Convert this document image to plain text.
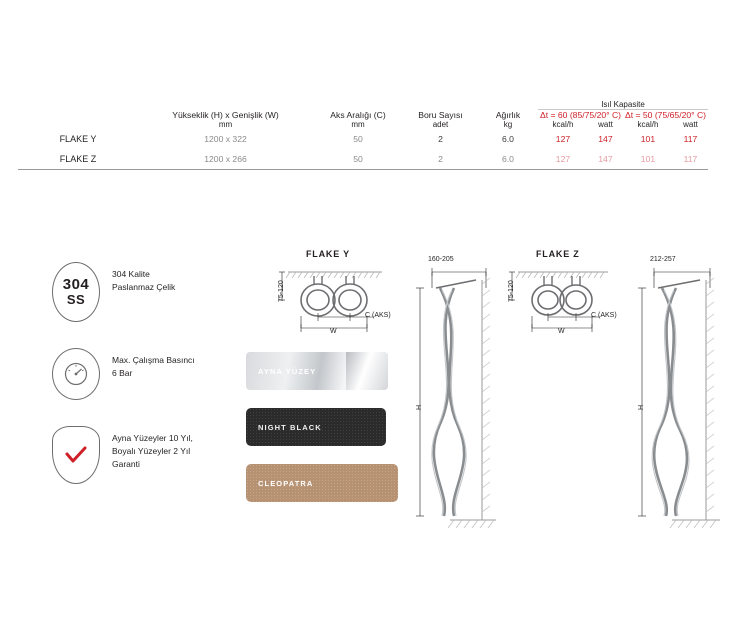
					Isıl Kapasite			
	Yükseklik (H) x Genişlik (W)	Aks Aralığı (C)	Boru Sayısı	Ağırlık	Δt = 60 (85/75/20° C)		Δt = 50 (75/65/20° C)	
	mm	mm	adet	kg	kcal/h	watt	kcal/h	watt
FLAKE Y	1200 x 322	50	2	6.0	127	147	101	117
FLAKE Z	1200 x 266	50	2	6.0	127	147	101	117
304
SS
304 Kalite
Paslanmaz Çelik
Max. Çalışma Basıncı
6 Bar
Ayna Yüzeyler 10 Yıl,
Boyalı Yüzeyler 2 Yıl
Garanti
AYNA YÜZEY
NIGHT BLACK
CLEOPATRA
FLAKE Y	FLAKE Z
75-120
W
C (AKS)
160-205
H
75-120
W
C (AKS)
212-257
H
